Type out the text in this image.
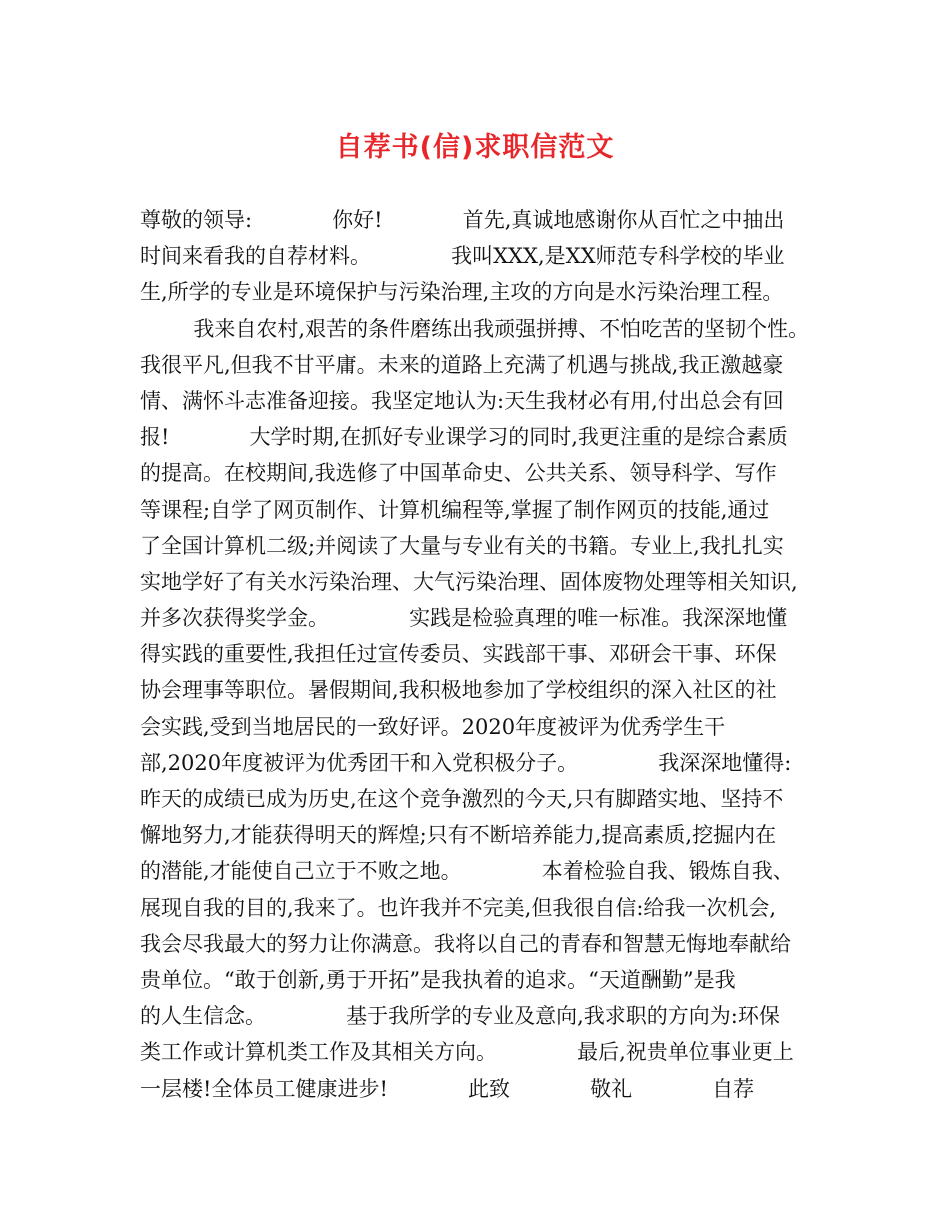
自荐书(信)求职信范文
尊敬的领导:            你好!            首先,真诚地感谢你从百忙之中抽出
时间来看我的自荐材料。            我叫XXX,是XX师范专科学校的毕业
生,所学的专业是环境保护与污染治理,主攻的方向是水污染治理工程。
我来自农村,艰苦的条件磨练出我顽强拼搏、不怕吃苦的坚韧个性。
我很平凡,但我不甘平庸。未来的道路上充满了机遇与挑战,我正激越豪
情、满怀斗志准备迎接。我坚定地认为:天生我材必有用,付出总会有回
报!            大学时期,在抓好专业课学习的同时,我更注重的是综合素质
的提高。在校期间,我选修了中国革命史、公共关系、领导科学、写作
等课程;自学了网页制作、计算机编程等,掌握了制作网页的技能,通过
了全国计算机二级;并阅读了大量与专业有关的书籍。专业上,我扎扎实
实地学好了有关水污染治理、大气污染治理、固体废物处理等相关知识,
并多次获得奖学金。            实践是检验真理的唯一标准。我深深地懂
得实践的重要性,我担任过宣传委员、实践部干事、邓研会干事、环保
协会理事等职位。暑假期间,我积极地参加了学校组织的深入社区的社
会实践,受到当地居民的一致好评。2020年度被评为优秀学生干
部,2020年度被评为优秀团干和入党积极分子。            我深深地懂得:
昨天的成绩已成为历史,在这个竞争激烈的今天,只有脚踏实地、坚持不
懈地努力,才能获得明天的辉煌;只有不断培养能力,提高素质,挖掘内在
的潜能,才能使自己立于不败之地。            本着检验自我、锻炼自我、
展现自我的目的,我来了。也许我并不完美,但我很自信:给我一次机会,
我会尽我最大的努力让你满意。我将以自己的青春和智慧无悔地奉献给
贵单位。“敢于创新,勇于开拓”是我执着的追求。“天道酬勤”是我
的人生信念。            基于我所学的专业及意向,我求职的方向为:环保
类工作或计算机类工作及其相关方向。            最后,祝贵单位事业更上
一层楼!全体员工健康进步!            此致            敬礼            自荐
